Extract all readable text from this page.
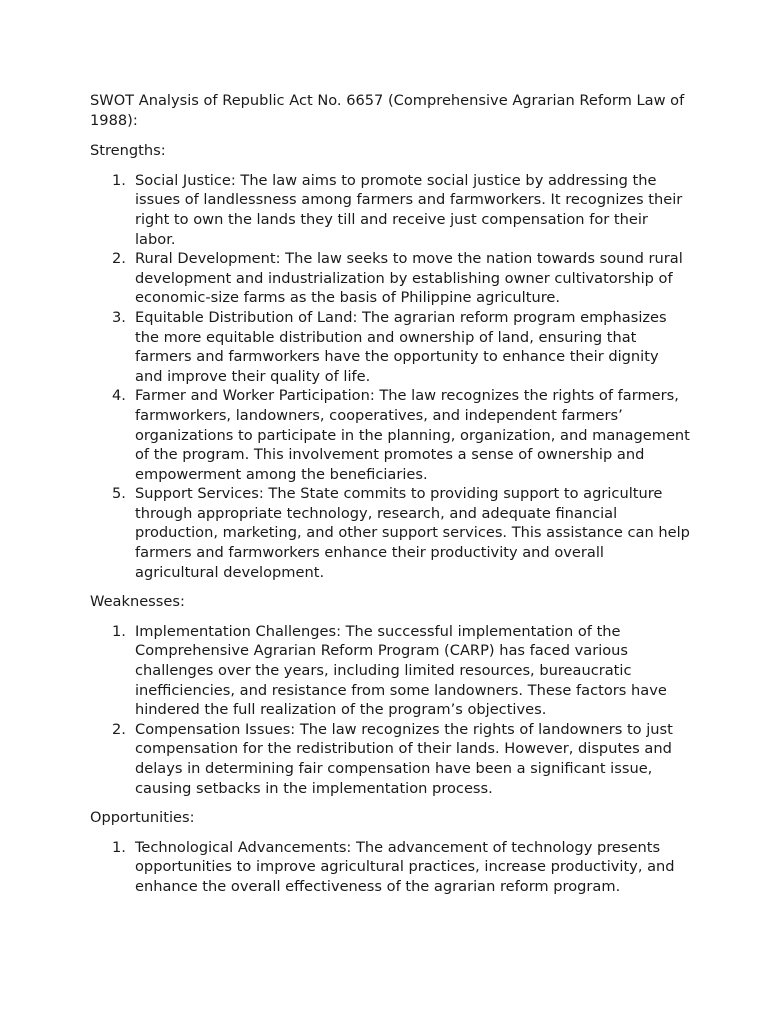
SWOT Analysis of Republic Act No. 6657 (Comprehensive Agrarian Reform Law of 1988):
Strengths:
1. Social Justice: The law aims to promote social justice by addressing the issues of landlessness among farmers and farmworkers. It recognizes their right to own the lands they till and receive just compensation for their labor.
2. Rural Development: The law seeks to move the nation towards sound rural development and industrialization by establishing owner cultivatorship of economic-size farms as the basis of Philippine agriculture.
3. Equitable Distribution of Land: The agrarian reform program emphasizes the more equitable distribution and ownership of land, ensuring that farmers and farmworkers have the opportunity to enhance their dignity and improve their quality of life.
4. Farmer and Worker Participation: The law recognizes the rights of farmers, farmworkers, landowners, cooperatives, and independent farmers’ organizations to participate in the planning, organization, and management of the program. This involvement promotes a sense of ownership and empowerment among the beneficiaries.
5. Support Services: The State commits to providing support to agriculture through appropriate technology, research, and adequate financial production, marketing, and other support services. This assistance can help farmers and farmworkers enhance their productivity and overall agricultural development.
Weaknesses:
1. Implementation Challenges: The successful implementation of the Comprehensive Agrarian Reform Program (CARP) has faced various challenges over the years, including limited resources, bureaucratic inefficiencies, and resistance from some landowners. These factors have hindered the full realization of the program’s objectives.
2. Compensation Issues: The law recognizes the rights of landowners to just compensation for the redistribution of their lands. However, disputes and delays in determining fair compensation have been a significant issue, causing setbacks in the implementation process.
Opportunities:
1. Technological Advancements: The advancement of technology presents opportunities to improve agricultural practices, increase productivity, and enhance the overall effectiveness of the agrarian reform program.
